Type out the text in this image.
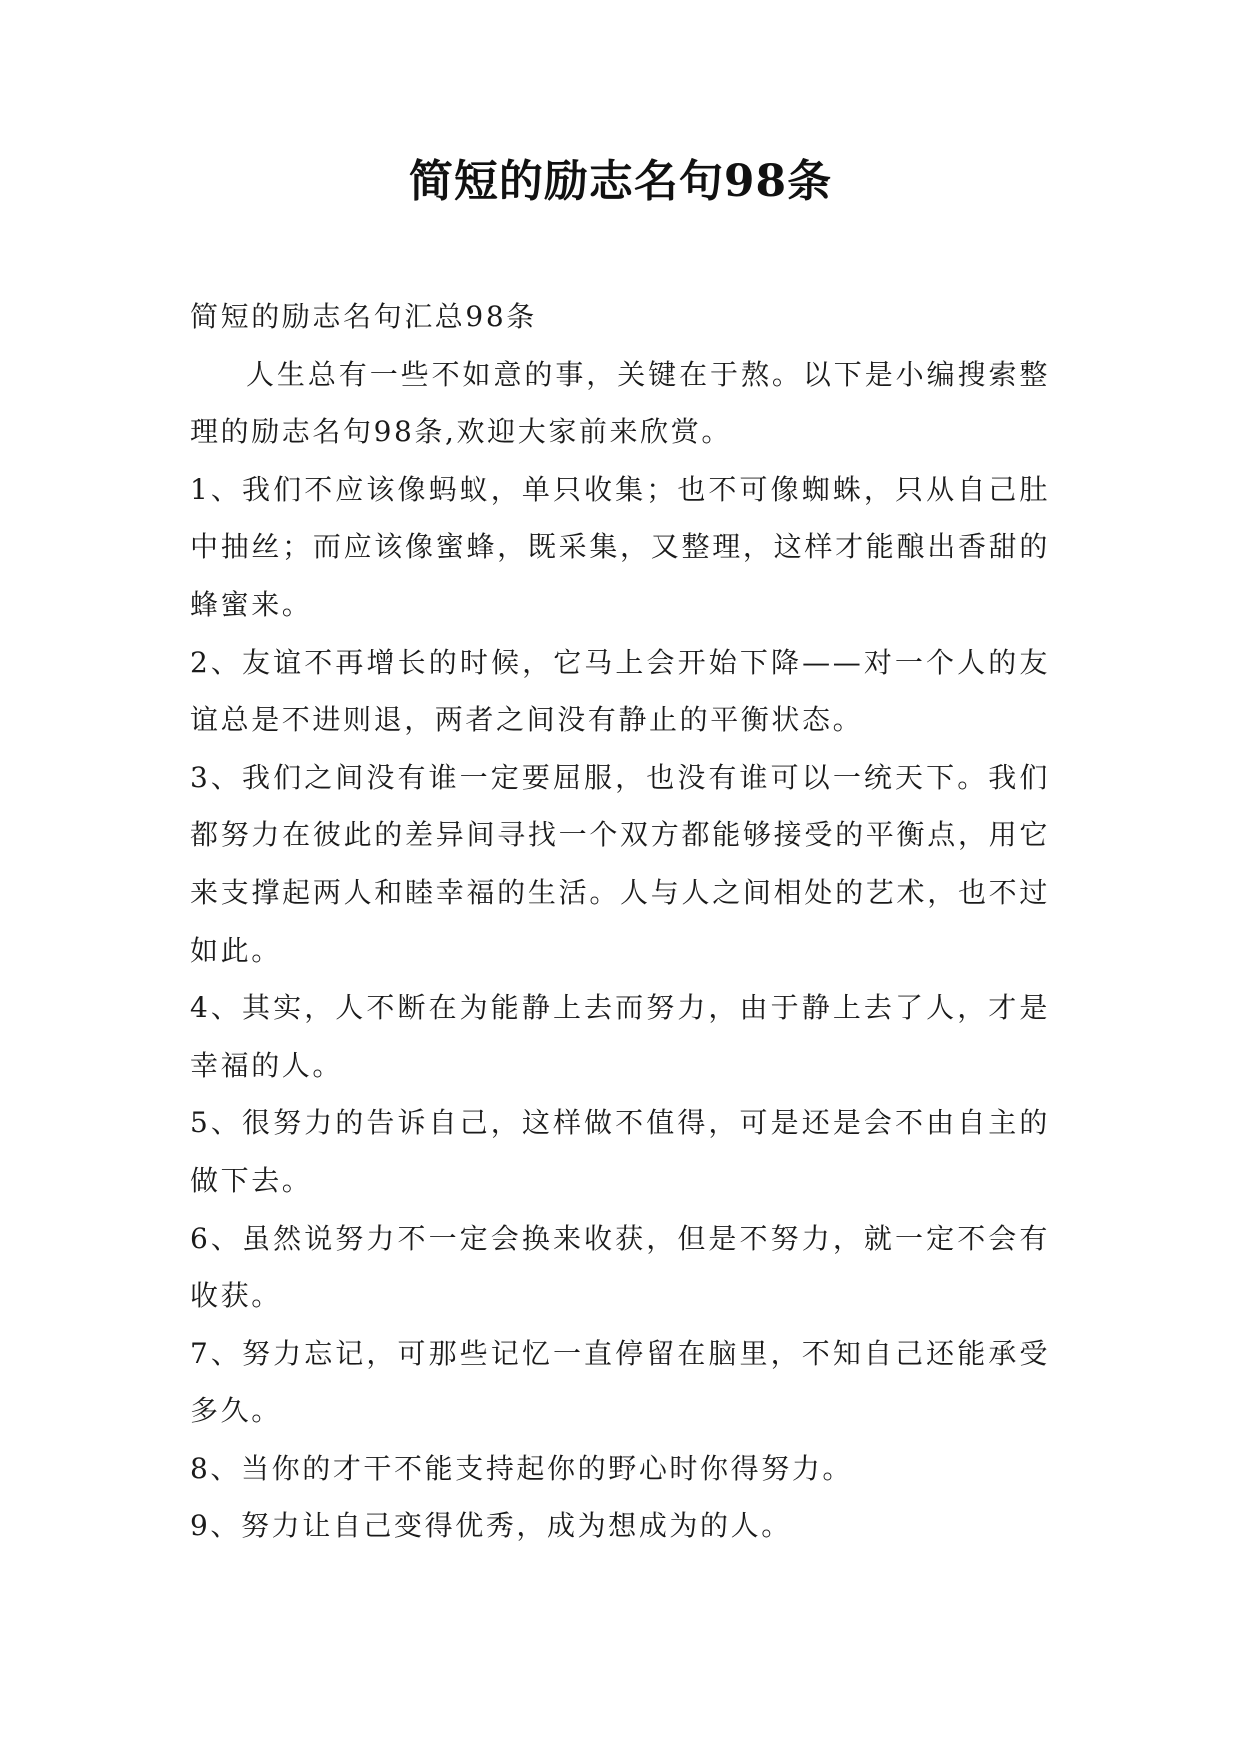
简短的励志名句98条

简短的励志名句汇总98条

人生总有一些不如意的事，关键在于熬。以下是小编搜索整理的励志名句98条,欢迎大家前来欣赏。

1、我们不应该像蚂蚁，单只收集；也不可像蜘蛛，只从自己肚中抽丝；而应该像蜜蜂，既采集，又整理，这样才能酿出香甜的蜂蜜来。

2、友谊不再增长的时候，它马上会开始下降——对一个人的友谊总是不进则退，两者之间没有静止的平衡状态。

3、我们之间没有谁一定要屈服，也没有谁可以一统天下。我们都努力在彼此的差异间寻找一个双方都能够接受的平衡点，用它来支撑起两人和睦幸福的生活。人与人之间相处的艺术，也不过如此。

4、其实，人不断在为能静上去而努力，由于静上去了人，才是幸福的人。

5、很努力的告诉自己，这样做不值得，可是还是会不由自主的做下去。

6、虽然说努力不一定会换来收获，但是不努力，就一定不会有收获。

7、努力忘记，可那些记忆一直停留在脑里，不知自己还能承受多久。

8、当你的才干不能支持起你的野心时你得努力。

9、努力让自己变得优秀，成为想成为的人。
